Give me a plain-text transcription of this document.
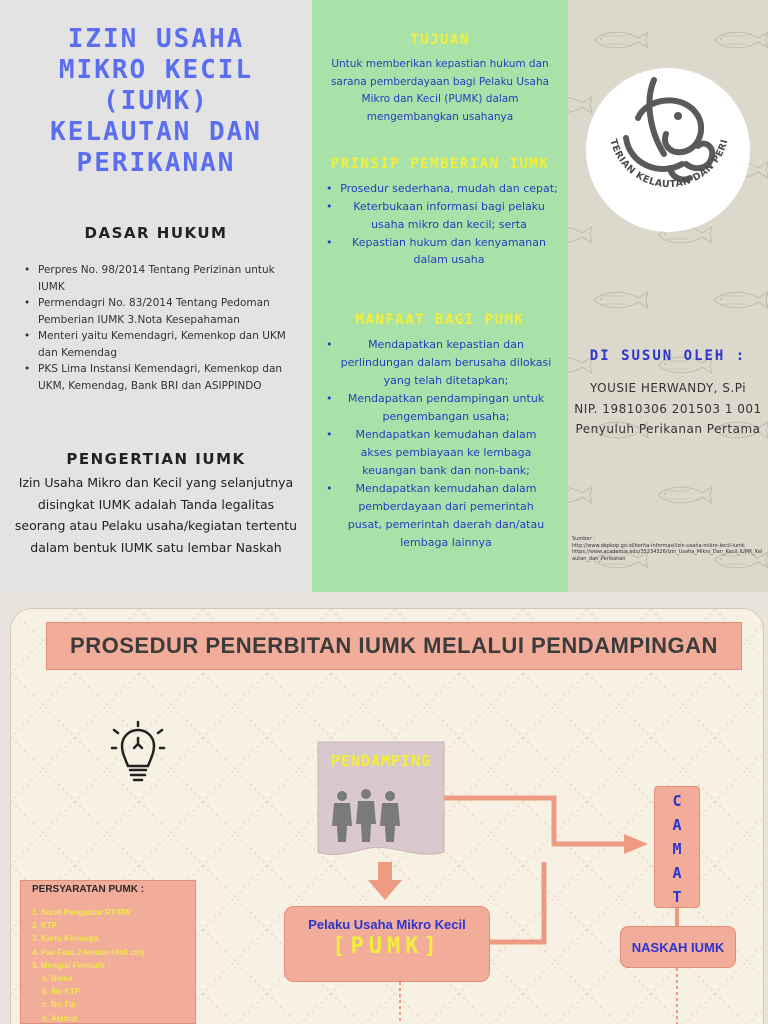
IZIN USAHA
MIKRO KECIL
(IUMK)
KELAUTAN DAN
PERIKANAN
DASAR HUKUM
• Perpres No. 98/2014 Tentang Perizinan untuk IUMK
• Permendagri No. 83/2014 Tentang Pedoman Pemberian IUMK 3.Nota Kesepahaman
• Menteri yaitu Kemendagri, Kemenkop dan UKM dan Kemendag
• PKS Lima Instansi Kemendagri, Kemenkop dan UKM, Kemendag, Bank BRI dan ASIPPINDO
PENGERTIAN IUMK
Izin Usaha Mikro dan Kecil yang selanjutnya disingkat IUMK adalah Tanda legalitas seorang atau Pelaku usaha/kegiatan tertentu dalam bentuk IUMK satu lembar Naskah
TUJUAN
Untuk memberikan kepastian hukum dan sarana pemberdayaan bagi Pelaku Usaha Mikro dan Kecil (PUMK) dalam mengembangkan usahanya
PRINSIP PEMBERIAN IUMK
• Prosedur sederhana, mudah dan cepat;
• Keterbukaan informasi bagi pelaku usaha mikro dan kecil; serta
• Kepastian hukum dan kenyamanan dalam usaha
MANFAAT BAGI PUMK
• Mendapatkan kepastian dan perlindungan dalam berusaha dilokasi yang telah ditetapkan;
• Mendapatkan pendampingan untuk pengembangan usaha;
• Mendapatkan kemudahan dalam akses pembiayaan ke lembaga keuangan bank dan non-bank;
• Mendapatkan kemudahan dalam pemberdayaan dari pemerintah pusat, pemerintah daerah dan/atau lembaga lainnya
TERIAN KELAUTAN DAN PERI
DI SUSUN OLEH :
YOUSIE HERWANDY, S.Pi
NIP. 19810306 201503 1 001
Penyuluh Perikanan Pertama
Sumber :
http://www.depkop.go.id/berita-informasi/izin-usaha-mikro-kecil-iumk
https://www.academia.edu/35234326/Izin_Usaha_Mikro_Dan_Kecil_IUMK_Kelautan_dan_Perikanan
PROSEDUR PENERBITAN IUMK MELALUI PENDAMPINGAN
PENDAMPING
C
A
M
A
T
NASKAH IUMK
Pelaku Usaha Mikro Kecil
[PUMK]
PERSYARATAN PUMK :
1. Surat Pengantar RT/RW
2. KTP
3. Kartu Keluarga
4. Pas Foto 2 lembar (4x6 cm)
5. Mengisi Formulir :
a. Nama
b. No KTP
c. No Tlp
d. Alamat
